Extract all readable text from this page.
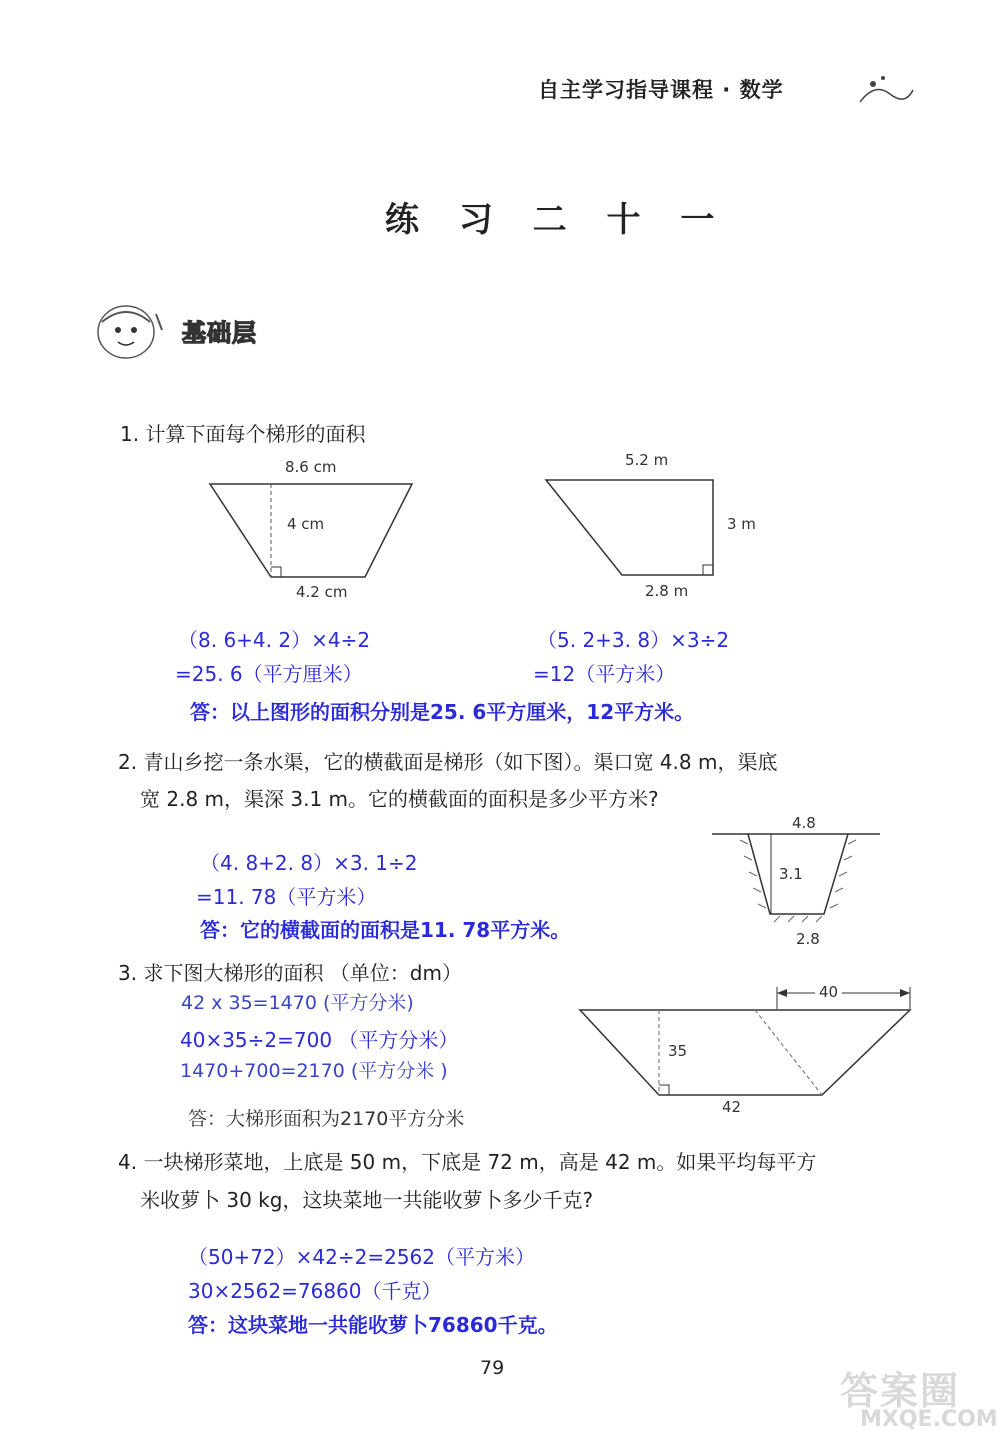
自主学习指导课程 · 数学
练 习 二 十 一
基础层
1. 计算下面每个梯形的面积
8.6 cm
4 cm
4.2 cm
5.2 m
3 m
2.8 m
（8. 6+4. 2）×4÷2
=25. 6（平方厘米）
（5. 2+3. 8）×3÷2
=12（平方米）
答：以上图形的面积分别是25. 6平方厘米，12平方米。
2. 青山乡挖一条水渠，它的横截面是梯形（如下图）。渠口宽 4.8 m，渠底
宽 2.8 m，渠深 3.1 m。它的横截面的面积是多少平方米?
4.8
3.1
2.8
（4. 8+2. 8）×3. 1÷2
=11. 78（平方米）
答：它的横截面的面积是11. 78平方米。
3. 求下图大梯形的面积 （单位：dm）
42 x 35=1470 (平方分米)
40×35÷2=700 （平方分米）
1470+700=2170 (平方分米 )
答：大梯形面积为2170平方分米
40
35
42
4. 一块梯形菜地，上底是 50 m，下底是 72 m，高是 42 m。如果平均每平方
米收萝卜 30 kg，这块菜地一共能收萝卜多少千克?
（50+72）×42÷2=2562（平方米）
30×2562=76860（千克）
答：这块菜地一共能收萝卜76860千克。
79
答案圈
MXQE.COM
